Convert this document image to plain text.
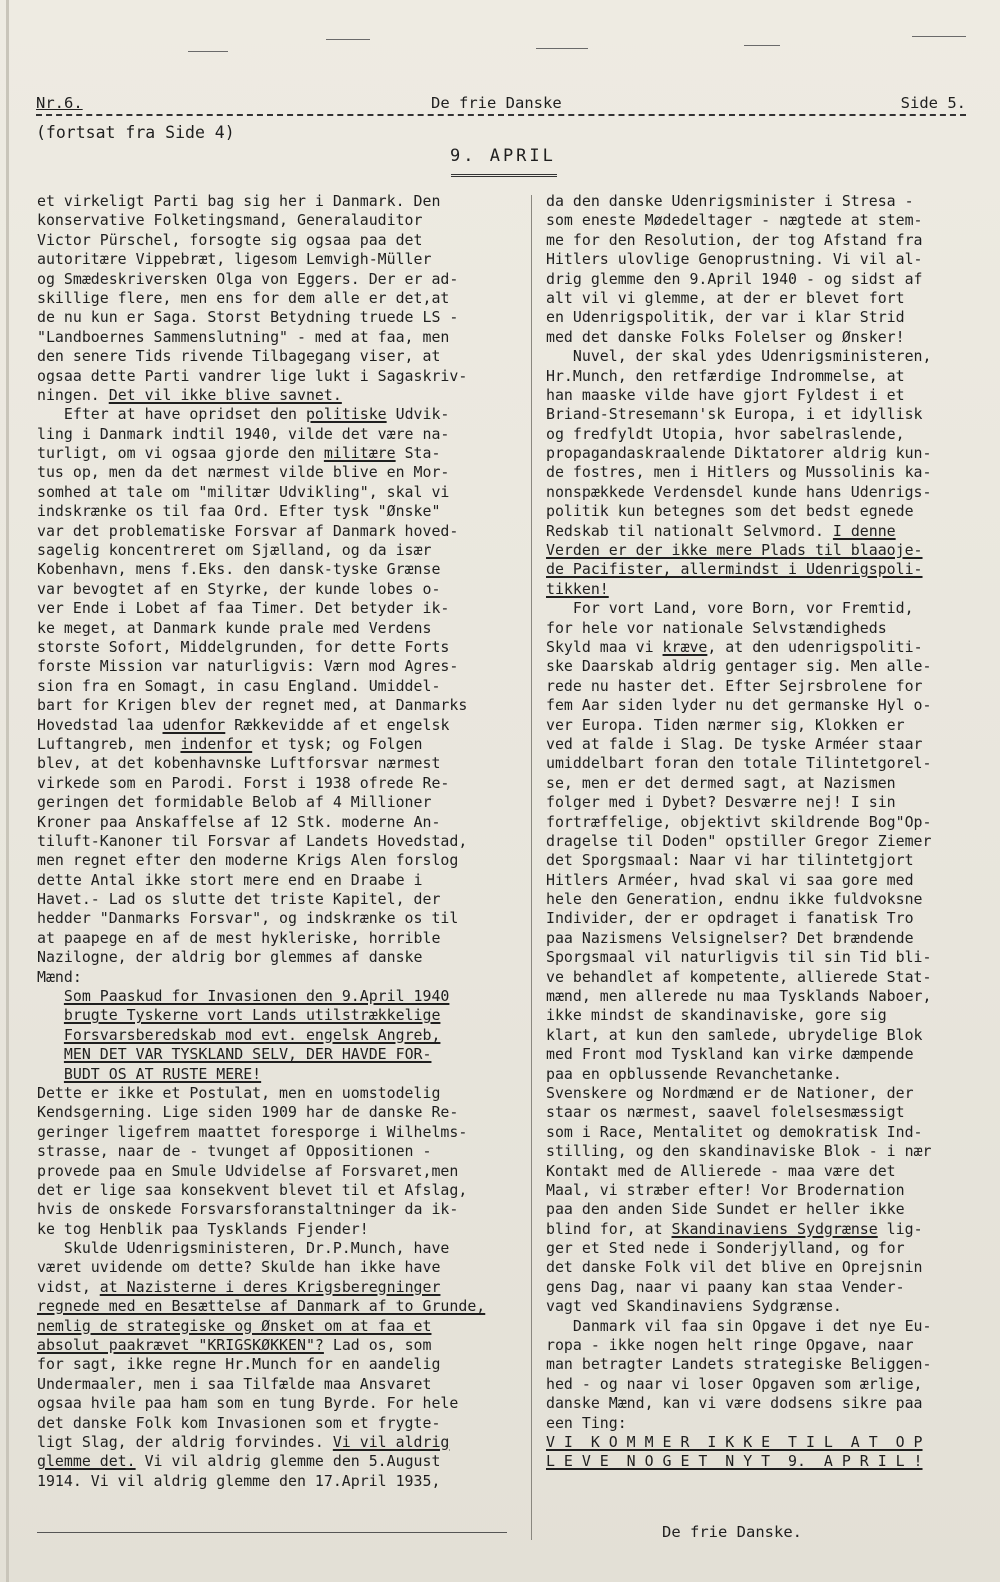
Nr.6.	De frie Danske	Side 5.
(fortsat fra Side 4)
9. APRIL
et virkeligt Parti bag sig her i Danmark. Den
konservative Folketingsmand, Generalauditor
Victor Pürschel, forsogte sig ogsaa paa det
autoritære Vippebræt, ligesom Lemvigh-Müller
og Smædeskriversken Olga von Eggers. Der er ad-
skillige flere, men ens for dem alle er det,at
de nu kun er Saga. Storst Betydning truede LS -
"Landboernes Sammenslutning" - med at faa, men
den senere Tids rivende Tilbagegang viser, at
ogsaa dette Parti vandrer lige lukt i Sagaskriv-
ningen. Det vil ikke blive savnet.
Efter at have opridset den politiske Udvik-
ling i Danmark indtil 1940, vilde det være na-
turligt, om vi ogsaa gjorde den militære Sta-
tus op, men da det nærmest vilde blive en Mor-
somhed at tale om "militær Udvikling", skal vi
indskrænke os til faa Ord. Efter tysk "Ønske"
var det problematiske Forsvar af Danmark hoved-
sagelig koncentreret om Sjælland, og da især
Kobenhavn, mens f.Eks. den dansk-tyske Grænse
var bevogtet af en Styrke, der kunde lobes o-
ver Ende i Lobet af faa Timer. Det betyder ik-
ke meget, at Danmark kunde prale med Verdens
storste Sofort, Middelgrunden, for dette Forts
forste Mission var naturligvis: Værn mod Agres-
sion fra en Somagt, in casu England. Umiddel-
bart for Krigen blev der regnet med, at Danmarks
Hovedstad laa udenfor Rækkevidde af et engelsk
Luftangreb, men indenfor et tysk; og Folgen
blev, at det kobenhavnske Luftforsvar nærmest
virkede som en Parodi. Forst i 1938 ofrede Re-
geringen det formidable Belob af 4 Millioner
Kroner paa Anskaffelse af 12 Stk. moderne An-
tiluft-Kanoner til Forsvar af Landets Hovedstad,
men regnet efter den moderne Krigs Alen forslog
dette Antal ikke stort mere end en Draabe i
Havet.- Lad os slutte det triste Kapitel, der
hedder "Danmarks Forsvar", og indskrænke os til
at paapege en af de mest hykleriske, horrible
Nazilogne, der aldrig bor glemmes af danske
Mænd:
Som Paaskud for Invasionen den 9.April 1940
brugte Tyskerne vort Lands utilstrækkelige
Forsvarsberedskab mod evt. engelsk Angreb,
MEN DET VAR TYSKLAND SELV, DER HAVDE FOR-
BUDT OS AT RUSTE MERE!
Dette er ikke et Postulat, men en uomstodelig
Kendsgerning. Lige siden 1909 har de danske Re-
geringer ligefrem maattet foresporge i Wilhelms-
strasse, naar de - tvunget af Oppositionen -
provede paa en Smule Udvidelse af Forsvaret,men
det er lige saa konsekvent blevet til et Afslag,
hvis de onskede Forsvarsforanstaltninger da ik-
ke tog Henblik paa Tysklands Fjender!
Skulde Udenrigsministeren, Dr.P.Munch, have
været uvidende om dette? Skulde han ikke have
vidst, at Nazisterne i deres Krigsberegninger
regnede med en Besættelse af Danmark af to Grunde,
nemlig de strategiske og Ønsket om at faa et
absolut paakrævet "KRIGSKØKKEN"? Lad os, som
for sagt, ikke regne Hr.Munch for en aandelig
Undermaaler, men i saa Tilfælde maa Ansvaret
ogsaa hvile paa ham som en tung Byrde. For hele
det danske Folk kom Invasionen som et frygte-
ligt Slag, der aldrig forvindes. Vi vil aldrig
glemme det. Vi vil aldrig glemme den 5.August
1914. Vi vil aldrig glemme den 17.April 1935,
da den danske Udenrigsminister i Stresa -
som eneste Mødedeltager - nægtede at stem-
me for den Resolution, der tog Afstand fra
Hitlers ulovlige Genoprustning. Vi vil al-
drig glemme den 9.April 1940 - og sidst af
alt vil vi glemme, at der er blevet fort
en Udenrigspolitik, der var i klar Strid
med det danske Folks Folelser og Ønsker!
Nuvel, der skal ydes Udenrigsministeren,
Hr.Munch, den retfærdige Indrommelse, at
han maaske vilde have gjort Fyldest i et
Briand-Stresemann'sk Europa, i et idyllisk
og fredfyldt Utopia, hvor sabelraslende,
propagandaskraalende Diktatorer aldrig kun-
de fostres, men i Hitlers og Mussolinis ka-
nonspækkede Verdensdel kunde hans Udenrigs-
politik kun betegnes som det bedst egnede
Redskab til nationalt Selvmord. I denne
Verden er der ikke mere Plads til blaaoje-
de Pacifister, allermindst i Udenrigspoli-
tikken!
For vort Land, vore Born, vor Fremtid,
for hele vor nationale Selvstændigheds
Skyld maa vi kræve, at den udenrigspoliti-
ske Daarskab aldrig gentager sig. Men alle-
rede nu haster det. Efter Sejrsbrolene for
fem Aar siden lyder nu det germanske Hyl o-
ver Europa. Tiden nærmer sig, Klokken er
ved at falde i Slag. De tyske Arméer staar
umiddelbart foran den totale Tilintetgorel-
se, men er det dermed sagt, at Nazismen
folger med i Dybet? Desværre nej! I sin
fortræffelige, objektivt skildrende Bog"Op-
dragelse til Doden" opstiller Gregor Ziemer
det Sporgsmaal: Naar vi har tilintetgjort
Hitlers Arméer, hvad skal vi saa gore med
hele den Generation, endnu ikke fuldvoksne
Individer, der er opdraget i fanatisk Tro
paa Nazismens Velsignelser? Det brændende
Sporgsmaal vil naturligvis til sin Tid bli-
ve behandlet af kompetente, allierede Stat-
mænd, men allerede nu maa Tysklands Naboer,
ikke mindst de skandinaviske, gore sig
klart, at kun den samlede, ubrydelige Blok
med Front mod Tyskland kan virke dæmpende
paa en opblussende Revanchetanke.
Svenskere og Nordmænd er de Nationer, der
staar os nærmest, saavel folelsesmæssigt
som i Race, Mentalitet og demokratisk Ind-
stilling, og den skandinaviske Blok - i nær
Kontakt med de Allierede - maa være det
Maal, vi stræber efter! Vor Brodernation
paa den anden Side Sundet er heller ikke
blind for, at Skandinaviens Sydgrænse lig-
ger et Sted nede i Sonderjylland, og for
det danske Folk vil det blive en Oprejsnin
gens Dag, naar vi paany kan staa Vender-
vagt ved Skandinaviens Sydgrænse.
Danmark vil faa sin Opgave i det nye Eu-
ropa - ikke nogen helt ringe Opgave, naar
man betragter Landets strategiske Beliggen-
hed - og naar vi loser Opgaven som ærlige,
danske Mænd, kan vi være dodsens sikre paa
een Ting:
V I  K O M M E R  I K K E  T I L  A T  O P
L E V E  N O G E T  N Y T  9.  A P R I L !
De frie Danske.
